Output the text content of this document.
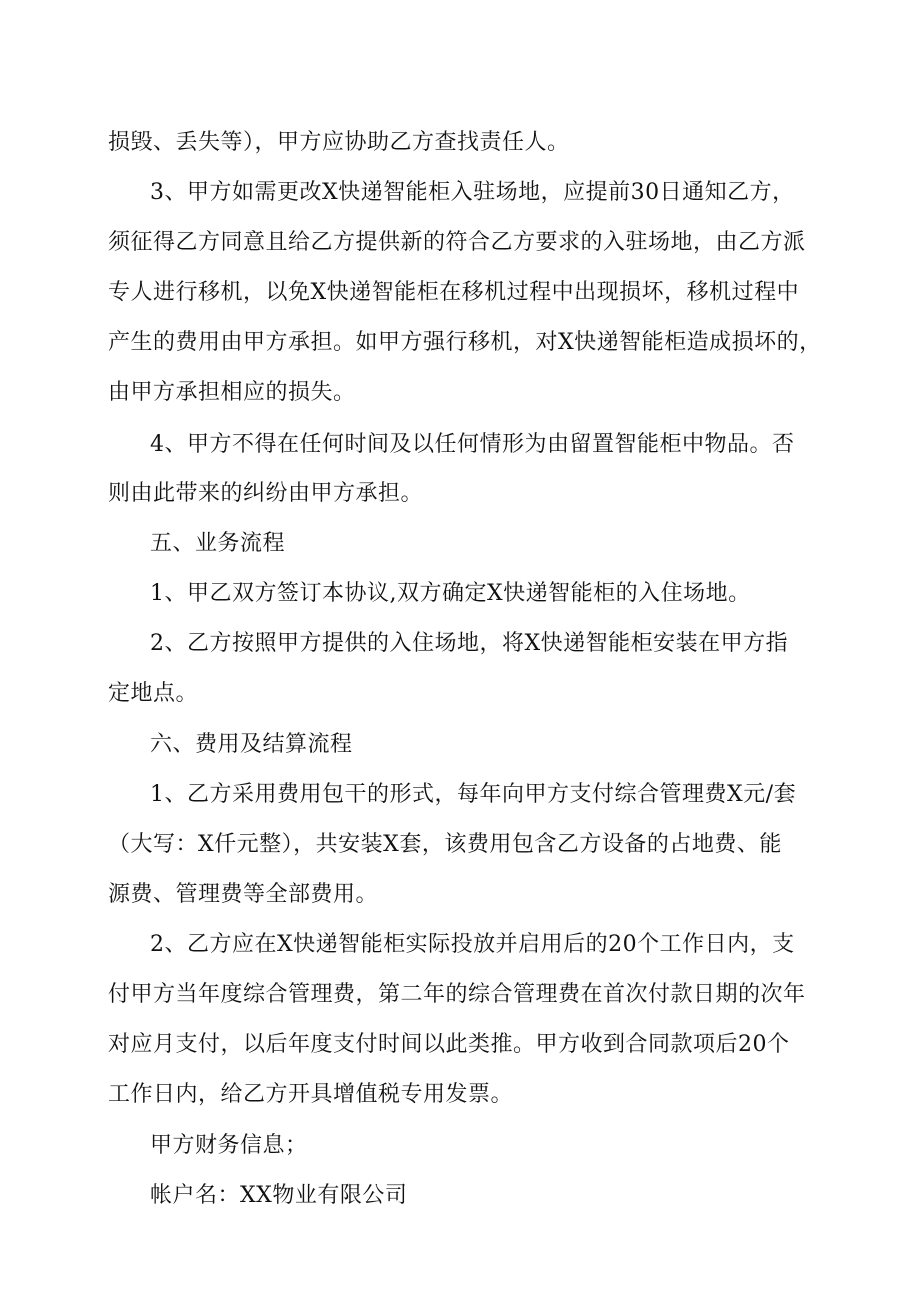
损毁、丢失等），甲方应协助乙方查找责任人。

3、甲方如需更改X快递智能柜入驻场地，应提前30日通知乙方，

须征得乙方同意且给乙方提供新的符合乙方要求的入驻场地，由乙方派

专人进行移机，以免X快递智能柜在移机过程中出现损坏，移机过程中

产生的费用由甲方承担。如甲方强行移机，对X快递智能柜造成损坏的，

由甲方承担相应的损失。

4、甲方不得在任何时间及以任何情形为由留置智能柜中物品。否

则由此带来的纠纷由甲方承担。

五、业务流程

1、甲乙双方签订本协议,双方确定X快递智能柜的入住场地。

2、乙方按照甲方提供的入住场地，将X快递智能柜安装在甲方指

定地点。

六、费用及结算流程

1、乙方采用费用包干的形式，每年向甲方支付综合管理费X元/套

（大写：X仟元整），共安装X套，该费用包含乙方设备的占地费、能

源费、管理费等全部费用。

2、乙方应在X快递智能柜实际投放并启用后的20个工作日内，支

付甲方当年度综合管理费，第二年的综合管理费在首次付款日期的次年

对应月支付，以后年度支付时间以此类推。甲方收到合同款项后20个

工作日内，给乙方开具增值税专用发票。

甲方财务信息；

帐户名：XX物业有限公司
